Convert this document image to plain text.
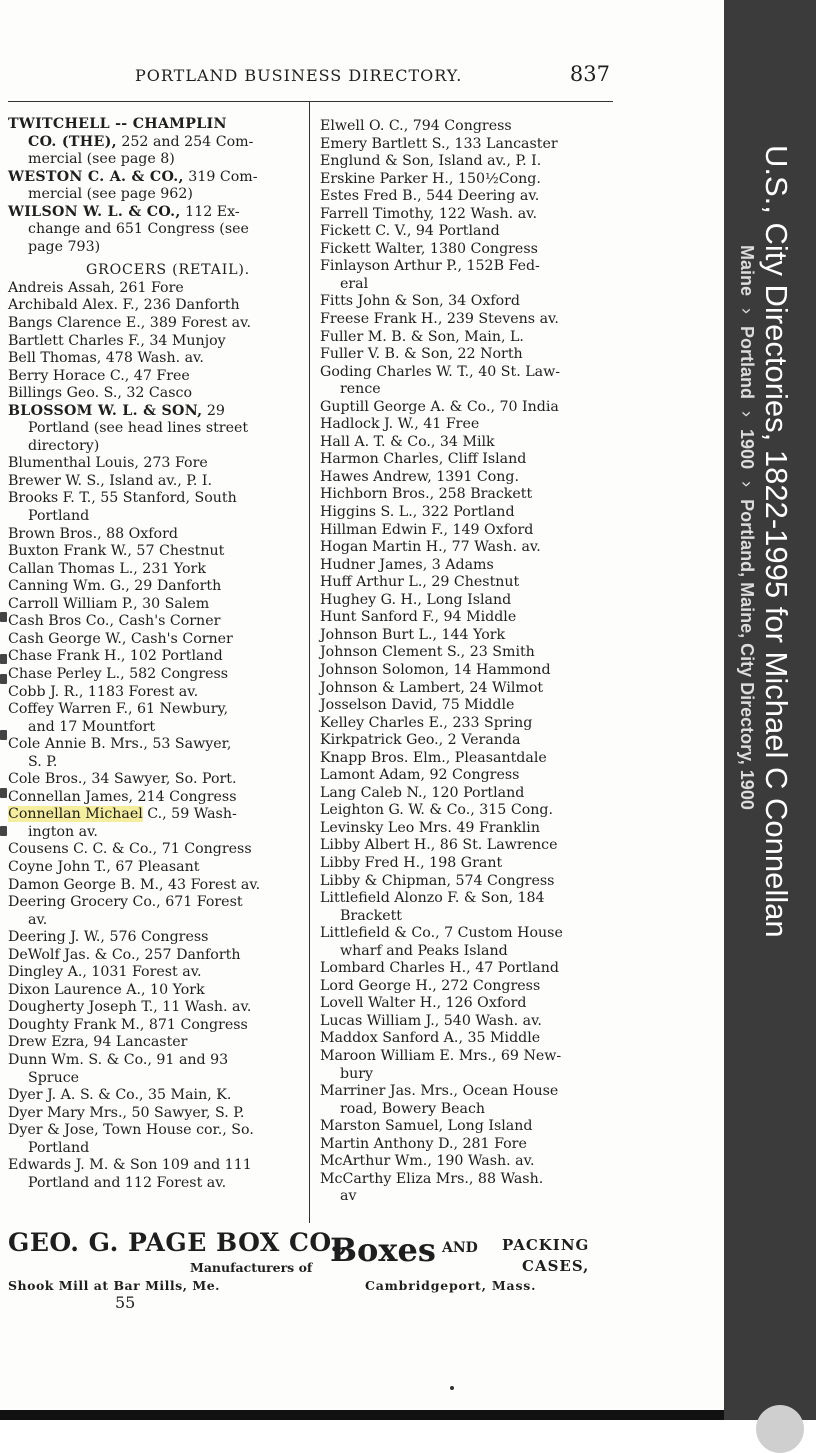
PORTLAND BUSINESS DIRECTORY.	837
TWITCHELL -- CHAMPLIN
CO. (THE), 252 and 254 Com-
mercial (see page 8)
WESTON C. A. & CO., 319 Com-
mercial (see page 962)
WILSON W. L. & CO., 112 Ex-
change and 651 Congress (see
page 793)
GROCERS (RETAIL).
Andreis Assah, 261 Fore
Archibald Alex. F., 236 Danforth
Bangs Clarence E., 389 Forest av.
Bartlett Charles F., 34 Munjoy
Bell Thomas, 478 Wash. av.
Berry Horace C., 47 Free
Billings Geo. S., 32 Casco
BLOSSOM W. L. & SON, 29
Portland (see head lines street
directory)
Blumenthal Louis, 273 Fore
Brewer W. S., Island av., P. I.
Brooks F. T., 55 Stanford, South
Portland
Brown Bros., 88 Oxford
Buxton Frank W., 57 Chestnut
Callan Thomas L., 231 York
Canning Wm. G., 29 Danforth
Carroll William P., 30 Salem
Cash Bros Co., Cash's Corner
Cash George W., Cash's Corner
Chase Frank H., 102 Portland
Chase Perley L., 582 Congress
Cobb J. R., 1183 Forest av.
Coffey Warren F., 61 Newbury,
and 17 Mountfort
Cole Annie B. Mrs., 53 Sawyer,
S. P.
Cole Bros., 34 Sawyer, So. Port.
Connellan James, 214 Congress
Connellan Michael C., 59 Wash-
ington av.
Cousens C. C. & Co., 71 Congress
Coyne John T., 67 Pleasant
Damon George B. M., 43 Forest av.
Deering Grocery Co., 671 Forest
av.
Deering J. W., 576 Congress
DeWolf Jas. & Co., 257 Danforth
Dingley A., 1031 Forest av.
Dixon Laurence A., 10 York
Dougherty Joseph T., 11 Wash. av.
Doughty Frank M., 871 Congress
Drew Ezra, 94 Lancaster
Dunn Wm. S. & Co., 91 and 93
Spruce
Dyer J. A. S. & Co., 35 Main, K.
Dyer Mary Mrs., 50 Sawyer, S. P.
Dyer & Jose, Town House cor., So.
Portland
Edwards J. M. & Son 109 and 111
Portland and 112 Forest av.
Elwell O. C., 794 Congress
Emery Bartlett S., 133 Lancaster
Englund & Son, Island av., P. I.
Erskine Parker H., 150½Cong.
Estes Fred B., 544 Deering av.
Farrell Timothy, 122 Wash. av.
Fickett C. V., 94 Portland
Fickett Walter, 1380 Congress
Finlayson Arthur P., 152B Fed-
eral
Fitts John & Son, 34 Oxford
Freese Frank H., 239 Stevens av.
Fuller M. B. & Son, Main, L.
Fuller V. B. & Son, 22 North
Goding Charles W. T., 40 St. Law-
rence
Guptill George A. & Co., 70 India
Hadlock J. W., 41 Free
Hall A. T. & Co., 34 Milk
Harmon Charles, Cliff Island
Hawes Andrew, 1391 Cong.
Hichborn Bros., 258 Brackett
Higgins S. L., 322 Portland
Hillman Edwin F., 149 Oxford
Hogan Martin H., 77 Wash. av.
Hudner James, 3 Adams
Huff Arthur L., 29 Chestnut
Hughey G. H., Long Island
Hunt Sanford F., 94 Middle
Johnson Burt L., 144 York
Johnson Clement S., 23 Smith
Johnson Solomon, 14 Hammond
Johnson & Lambert, 24 Wilmot
Josselson David, 75 Middle
Kelley Charles E., 233 Spring
Kirkpatrick Geo., 2 Veranda
Knapp Bros. Elm., Pleasantdale
Lamont Adam, 92 Congress
Lang Caleb N., 120 Portland
Leighton G. W. & Co., 315 Cong.
Levinsky Leo Mrs. 49 Franklin
Libby Albert H., 86 St. Lawrence
Libby Fred H., 198 Grant
Libby & Chipman, 574 Congress
Littlefield Alonzo F. & Son, 184
Brackett
Littlefield & Co., 7 Custom House
wharf and Peaks Island
Lombard Charles H., 47 Portland
Lord George H., 272 Congress
Lovell Walter H., 126 Oxford
Lucas William J., 540 Wash. av.
Maddox Sanford A., 35 Middle
Maroon William E. Mrs., 69 New-
bury
Marriner Jas. Mrs., Ocean House
road, Bowery Beach
Marston Samuel, Long Island
Martin Anthony D., 281 Fore
McArthur Wm., 190 Wash. av.
McCarthy Eliza Mrs., 88 Wash.
av
GEO. G. PAGE BOX CO.,
Manufacturers of Boxes AND PACKING
CASES,
Shook Mill at Bar Mills, Me.	Cambridgeport, Mass.
55
U.S., City Directories, 1822-1995 for Michael C Connellan
Maine›Portland›1900›Portland, Maine, City Directory, 1900
